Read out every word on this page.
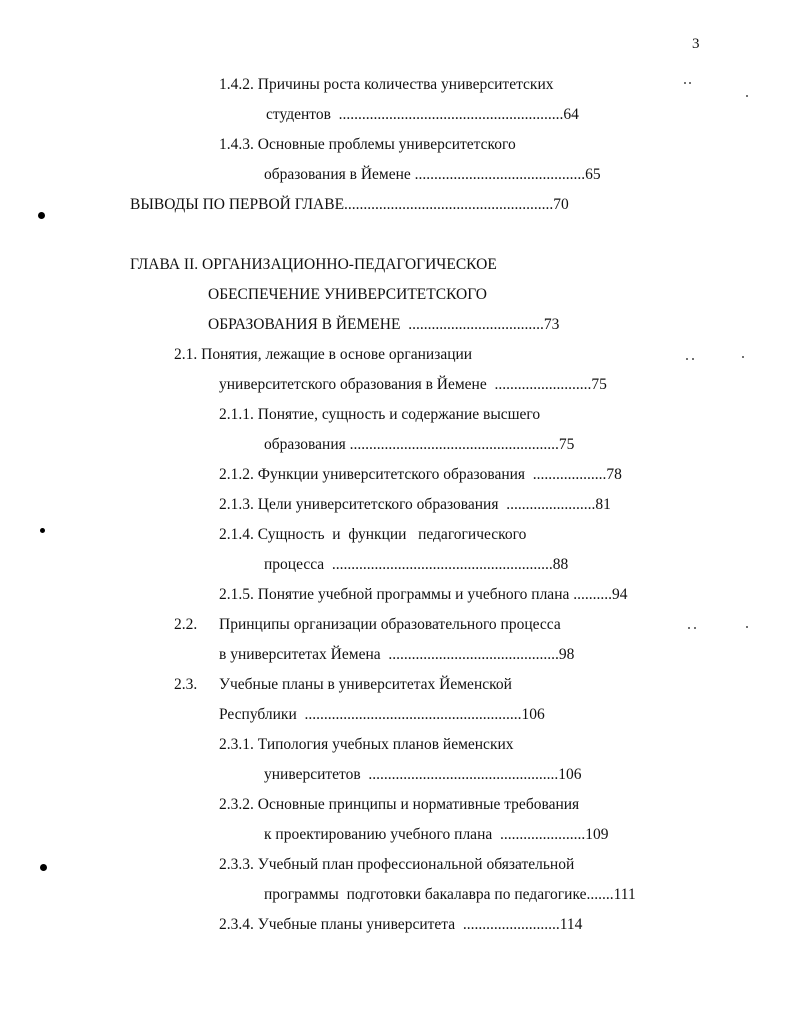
3
1.4.2. Причины роста количества университетских
студентов  ..........................................................64
1.4.3. Основные проблемы университетского
образования в Йемене ............................................65
ВЫВОДЫ ПО ПЕРВОЙ ГЛАВЕ......................................................70
ГЛАВА II. ОРГАНИЗАЦИОННО-ПЕДАГОГИЧЕСКОЕ
ОБЕСПЕЧЕНИЕ УНИВЕРСИТЕТСКОГО
ОБРАЗОВАНИЯ В ЙЕМЕНЕ  ...................................73
2.1. Понятия, лежащие в основе организации
университетского образования в Йемене  .........................75
2.1.1. Понятие, сущность и содержание высшего
образования ......................................................75
2.1.2. Функции университетского образования  ...................78
2.1.3. Цели университетского образования  .......................81
2.1.4. Сущность  и  функции   педагогического
процесса  .........................................................88
2.1.5. Понятие учебной программы и учебного плана ..........94
2.2. Принципы организации образовательного процесса
в университетах Йемена  ............................................98
2.3. Учебные планы в университетах Йеменской
Республики  ........................................................106
2.3.1. Типология учебных планов йеменских
университетов  .................................................106
2.3.2. Основные принципы и нормативные требования
к проектированию учебного плана  ......................109
2.3.3. Учебный план профессиональной обязательной
программы  подготовки бакалавра по педагогике.......111
2.3.4. Учебные планы университета  .........................114
